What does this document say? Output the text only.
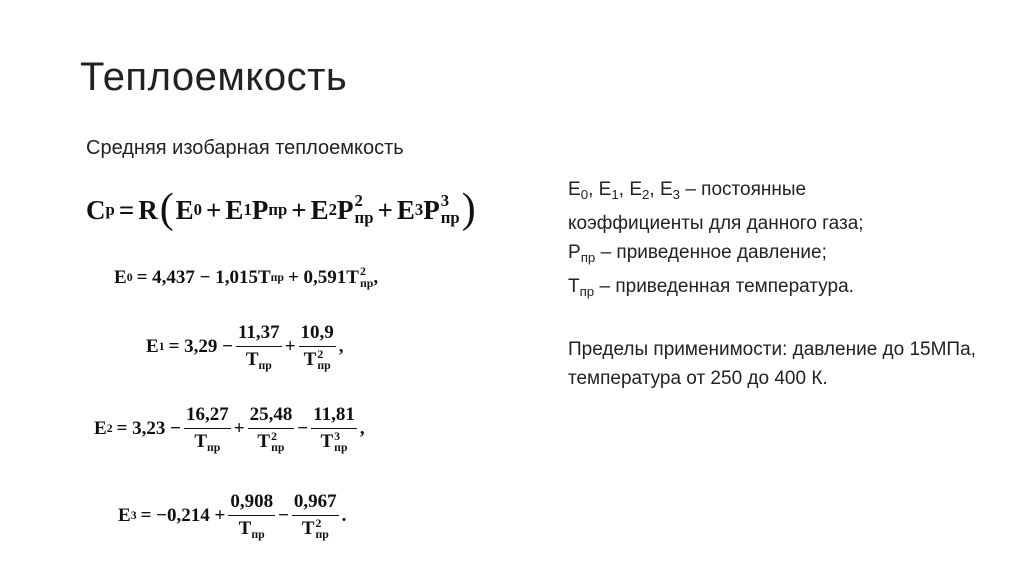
Теплоемкость
Средняя изобарная теплоемкость
C p = R ( E 0 + E 1 P пр + E 2 P 2
пр + E 3 P 3
пр )
E 0 = 4,437 − 1,015T пр + 0,591T 2
пр ,
E $1 = 3,29 - \frac{11,37}{T_{пр}} + 10,9$
T 2
пр ,
E $2 = 3,23 - \frac{16,27}{T_{пр}} + 25,48$
T 2
пр − 11,81
T 3
пр ,
E $3 = -0,214 + \frac{0,908}{T_{пр}} - 0,967$
T 2
пр .

$E_0$, $E_1$, $E_2$, $E_3$ – постоянные

коэффициенты для данного газа;

$P_{пр}$ – приведенное давление;

$T_{пр}$ – приведенная температура.

Пределы применимости: давление до 15МПа, температура от 250 до 400 К.
